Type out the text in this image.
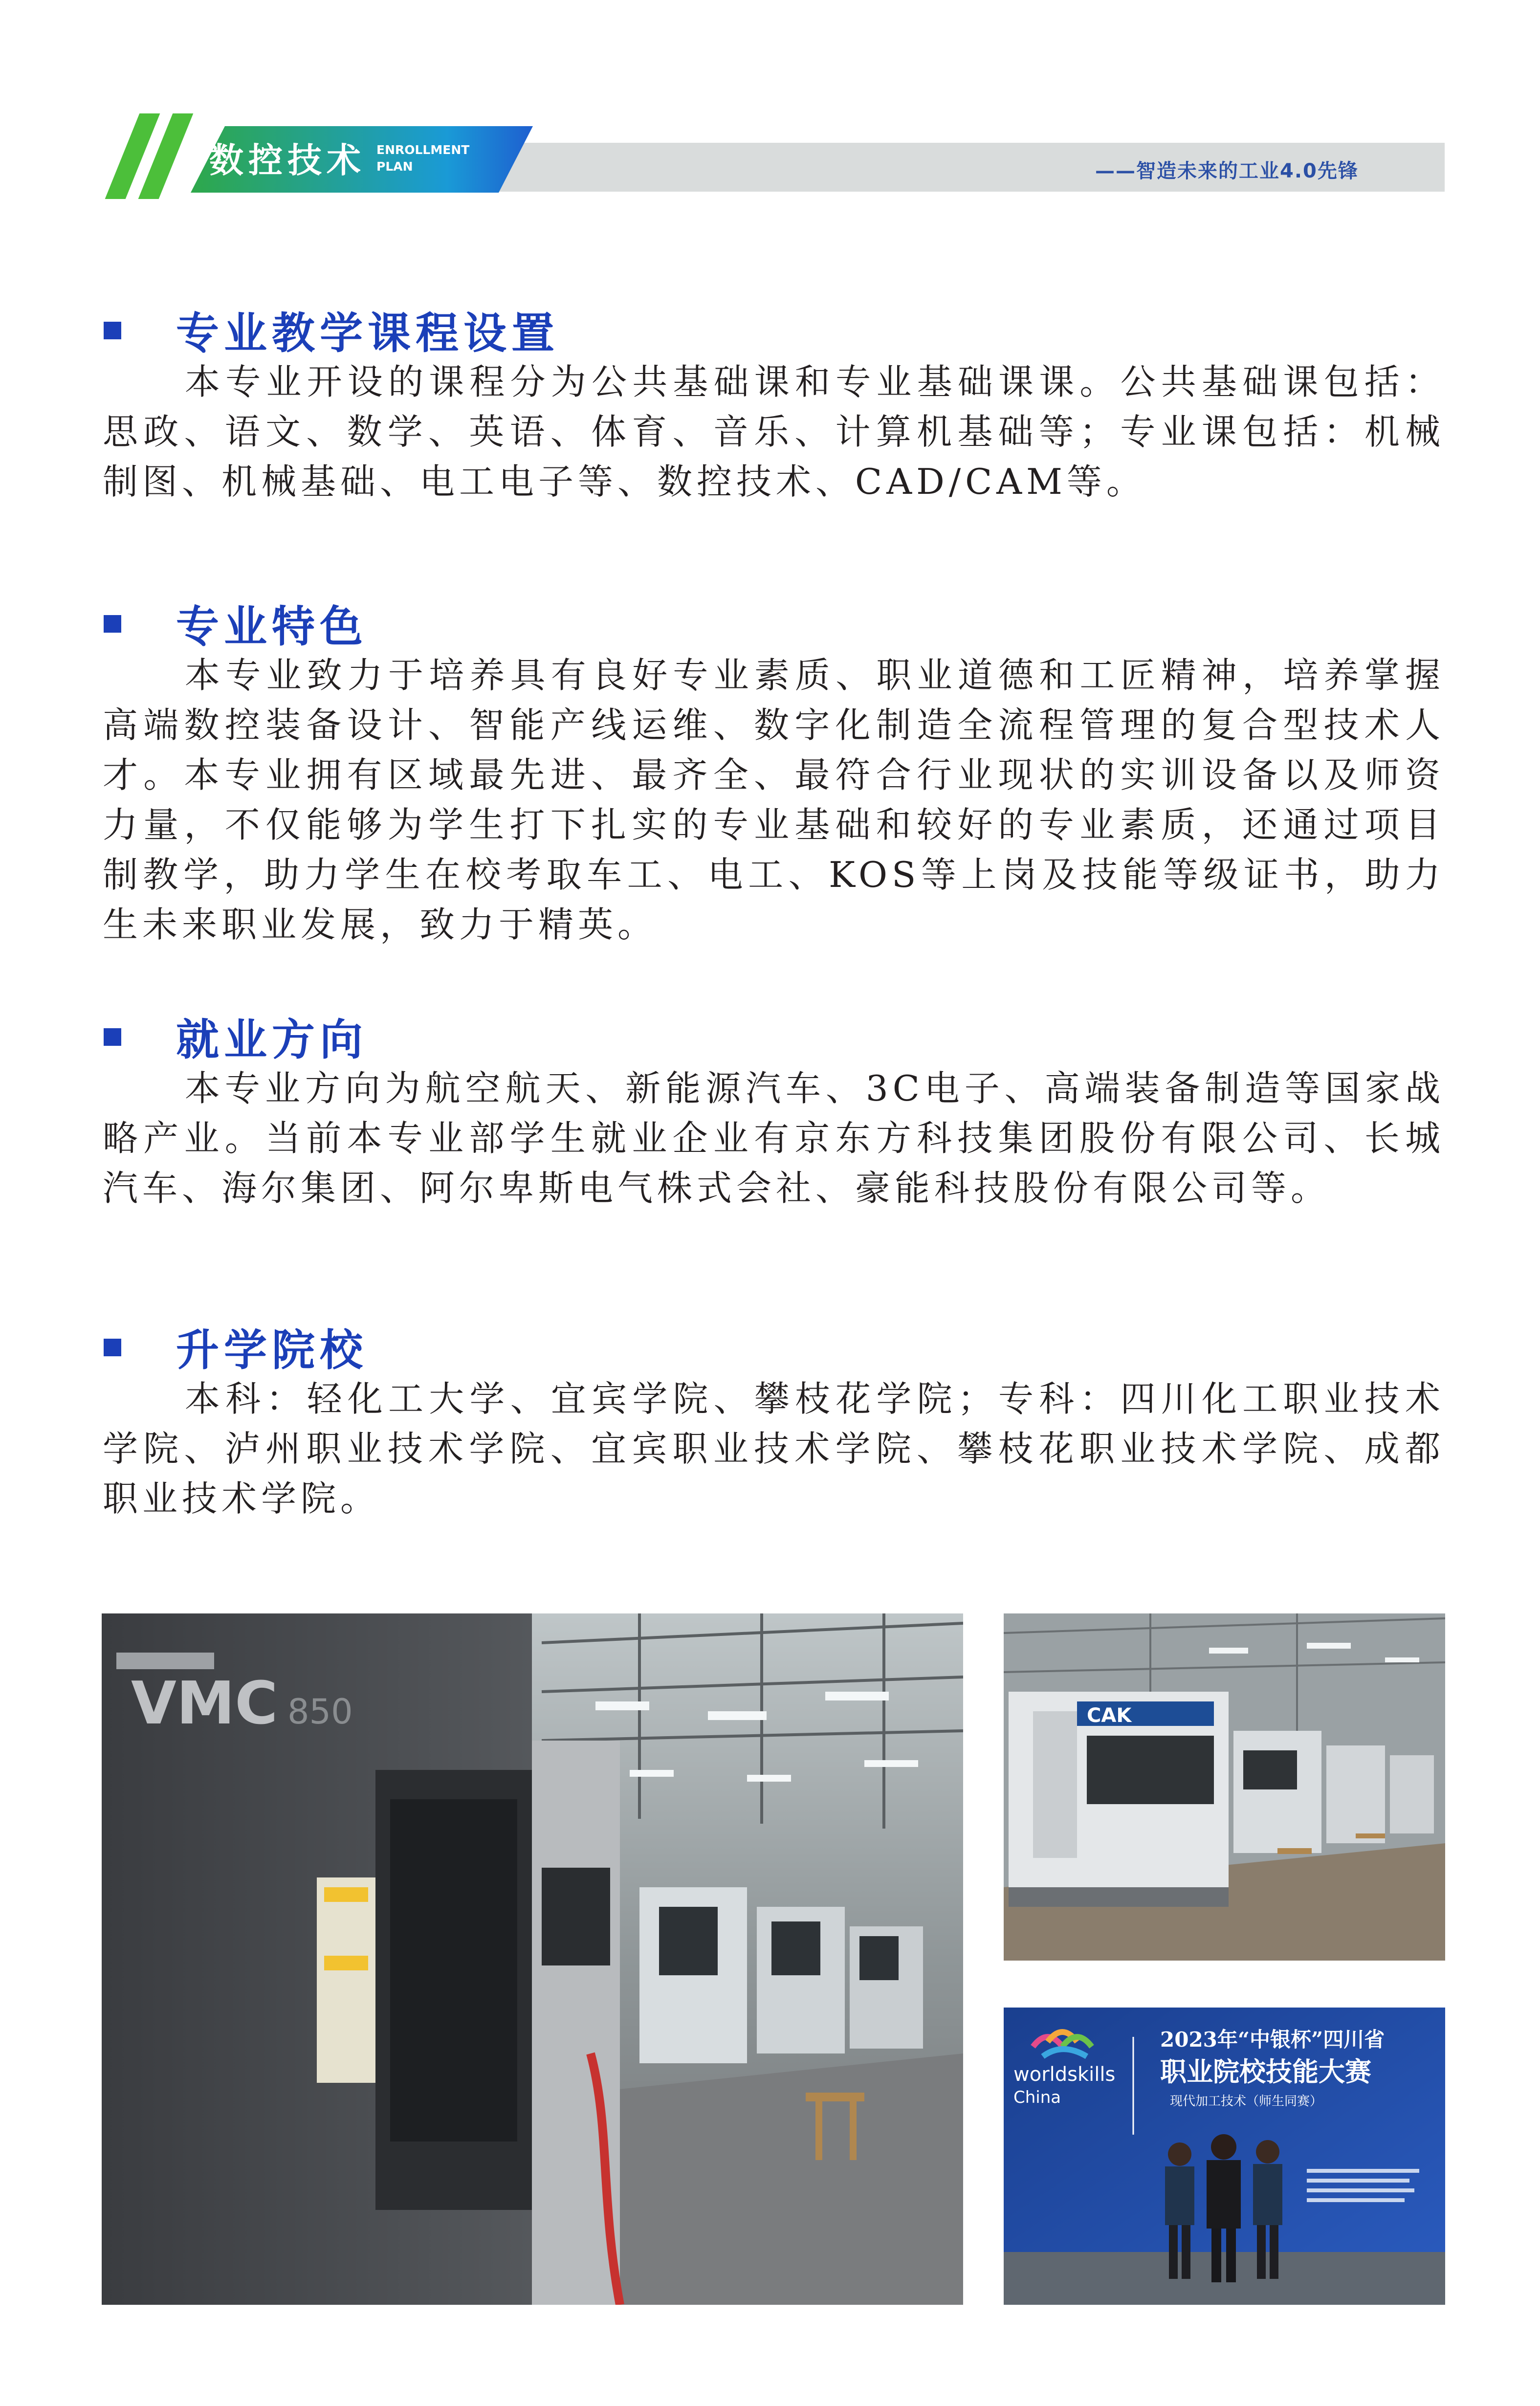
数控技术 ENROLLMENT
PLAN	——智造未来的工业4.0先锋
专业教学课程设置

本专业开设的课程分为公共基础课和专业基础课课。公共基础课包括：思政、语文、数学、英语、体育、音乐、计算机基础等；专业课包括：机械制图、机械基础、电工电子等、数控技术、CAD/CAM等。

专业特色

本专业致力于培养具有良好专业素质、职业道德和工匠精神，培养掌握高端数控装备设计、智能产线运维、数字化制造全流程管理的复合型技术人才。本专业拥有区域最先进、最齐全、最符合行业现状的实训设备以及师资力量，不仅能够为学生打下扎实的专业基础和较好的专业素质，还通过项目制教学，助力学生在校考取车工、电工、KOS等上岗及技能等级证书，助力生未来职业发展，致力于精英。

就业方向

本专业方向为航空航天、新能源汽车、3C电子、高端装备制造等国家战略产业。当前本专业部学生就业企业有京东方科技集团股份有限公司、长城汽车、海尔集团、阿尔卑斯电气株式会社、豪能科技股份有限公司等。

升学院校

本科：轻化工大学、宜宾学院、攀枝花学院；专科：四川化工职业技术学院、泸州职业技术学院、宜宾职业技术学院、攀枝花职业技术学院、成都职业技术学院。

VMC 850	CAK
worldskills
China
2023年“中银杯”四川省
职业院校技能大赛
现代加工技术（师生同赛）
